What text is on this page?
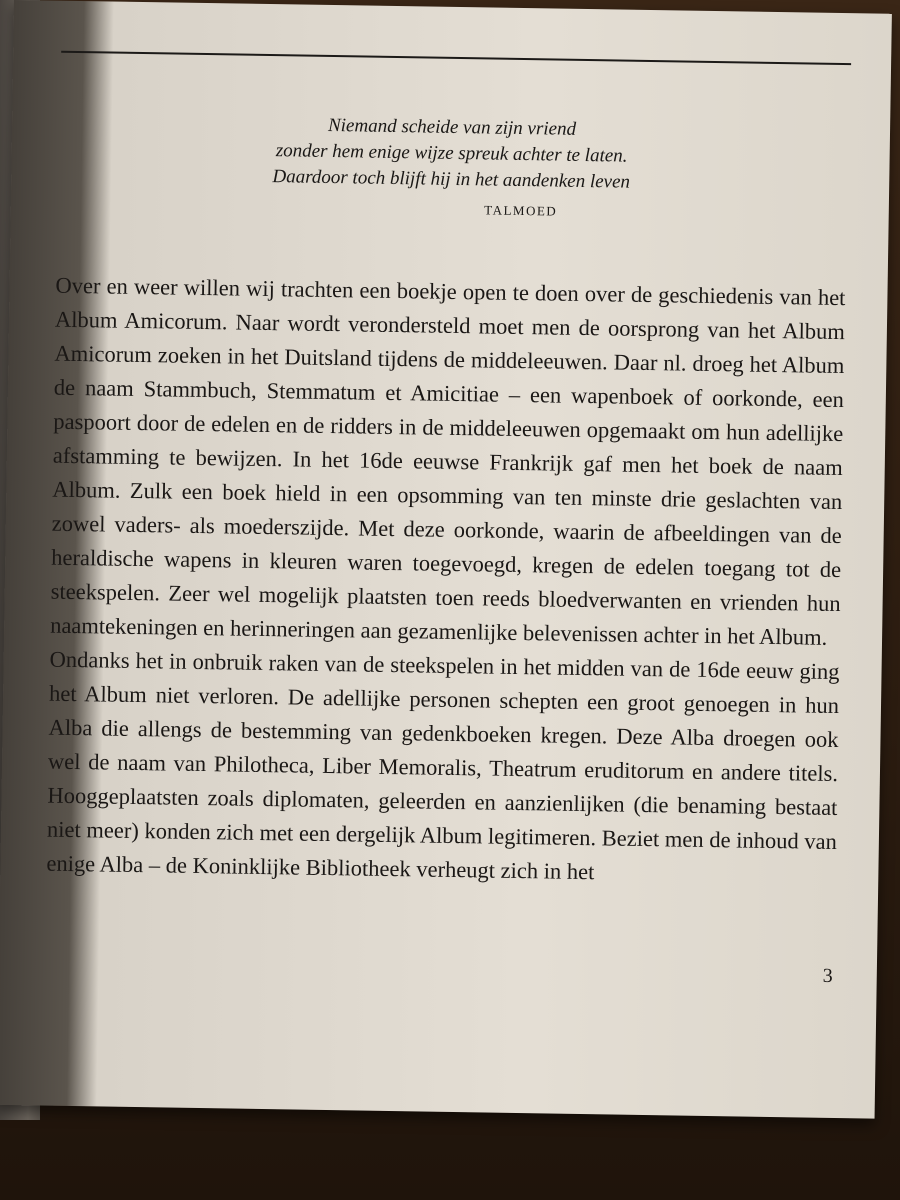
Niemand scheide van zijn vriend
zonder hem enige wijze spreuk achter te laten.
Daardoor toch blijft hij in het aandenken leven
TALMOED

Over en weer willen wij trachten een boekje open te doen over de geschiedenis van het Album Amicorum. Naar wordt verondersteld moet men de oorsprong van het Album Amicorum zoeken in het Duitsland tijdens de middeleeuwen. Daar nl. droeg het Album de naam Stammbuch, Stemmatum et Amicitiae – een wapenboek of oorkonde, een paspoort door de edelen en de ridders in de middeleeuwen opgemaakt om hun adellijke afstamming te bewijzen. In het 16de eeuwse Frankrijk gaf men het boek de naam Album. Zulk een boek hield in een opsomming van ten minste drie geslachten van zowel vaders- als moederszijde. Met deze oorkonde, waarin de afbeeldingen van de heraldische wapens in kleuren waren toegevoegd, kregen de edelen toegang tot de steekspelen. Zeer wel mogelijk plaatsten toen reeds bloedverwanten en vrienden hun naamtekeningen en herinneringen aan gezamenlijke belevenissen achter in het Album.

Ondanks het in onbruik raken van de steekspelen in het midden van de 16de eeuw ging het Album niet verloren. De adellijke personen schepten een groot genoegen in hun Alba die allengs de bestemming van gedenkboeken kregen. Deze Alba droegen ook wel de naam van Philotheca, Liber Memoralis, Theatrum eruditorum en andere titels. Hooggeplaatsten zoals diplomaten, geleerden en aanzienlijken (die benaming bestaat niet meer) konden zich met een dergelijk Album legitimeren. Beziet men de inhoud van enige Alba – de Koninklijke Bibliotheek verheugt zich in het

3
